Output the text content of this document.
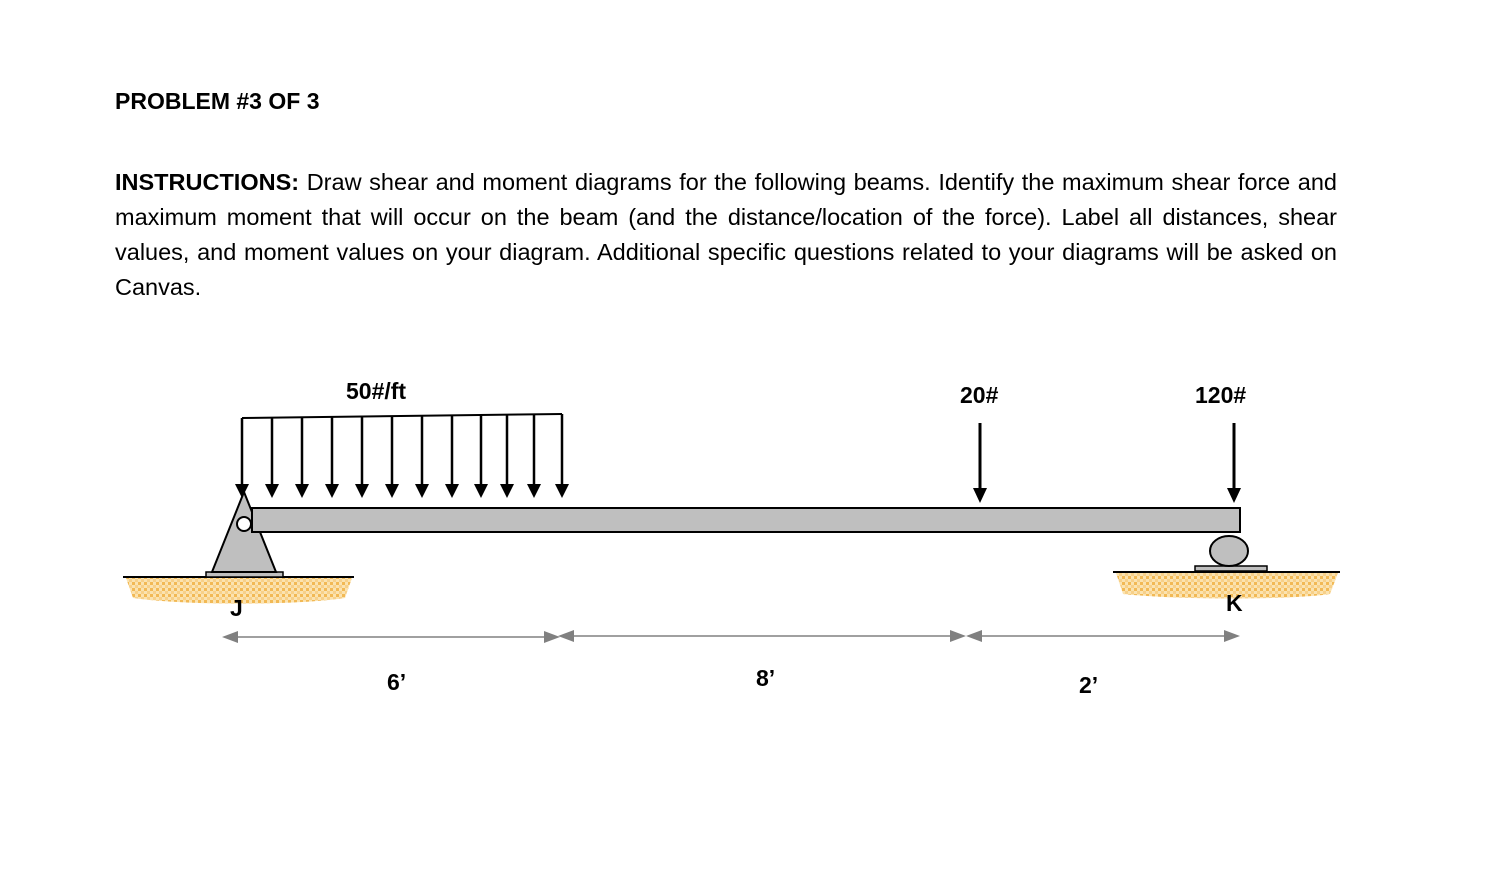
PROBLEM #3 OF 3
INSTRUCTIONS: Draw shear and moment diagrams for the following beams. Identify the maximum shear force and maximum moment that will occur on the beam (and the distance/location of the force). Label all distances, shear values, and moment values on your diagram. Additional specific questions related to your diagrams will be asked on Canvas.
50#/ft	20#	120#
J	K
6’	8’	2’
